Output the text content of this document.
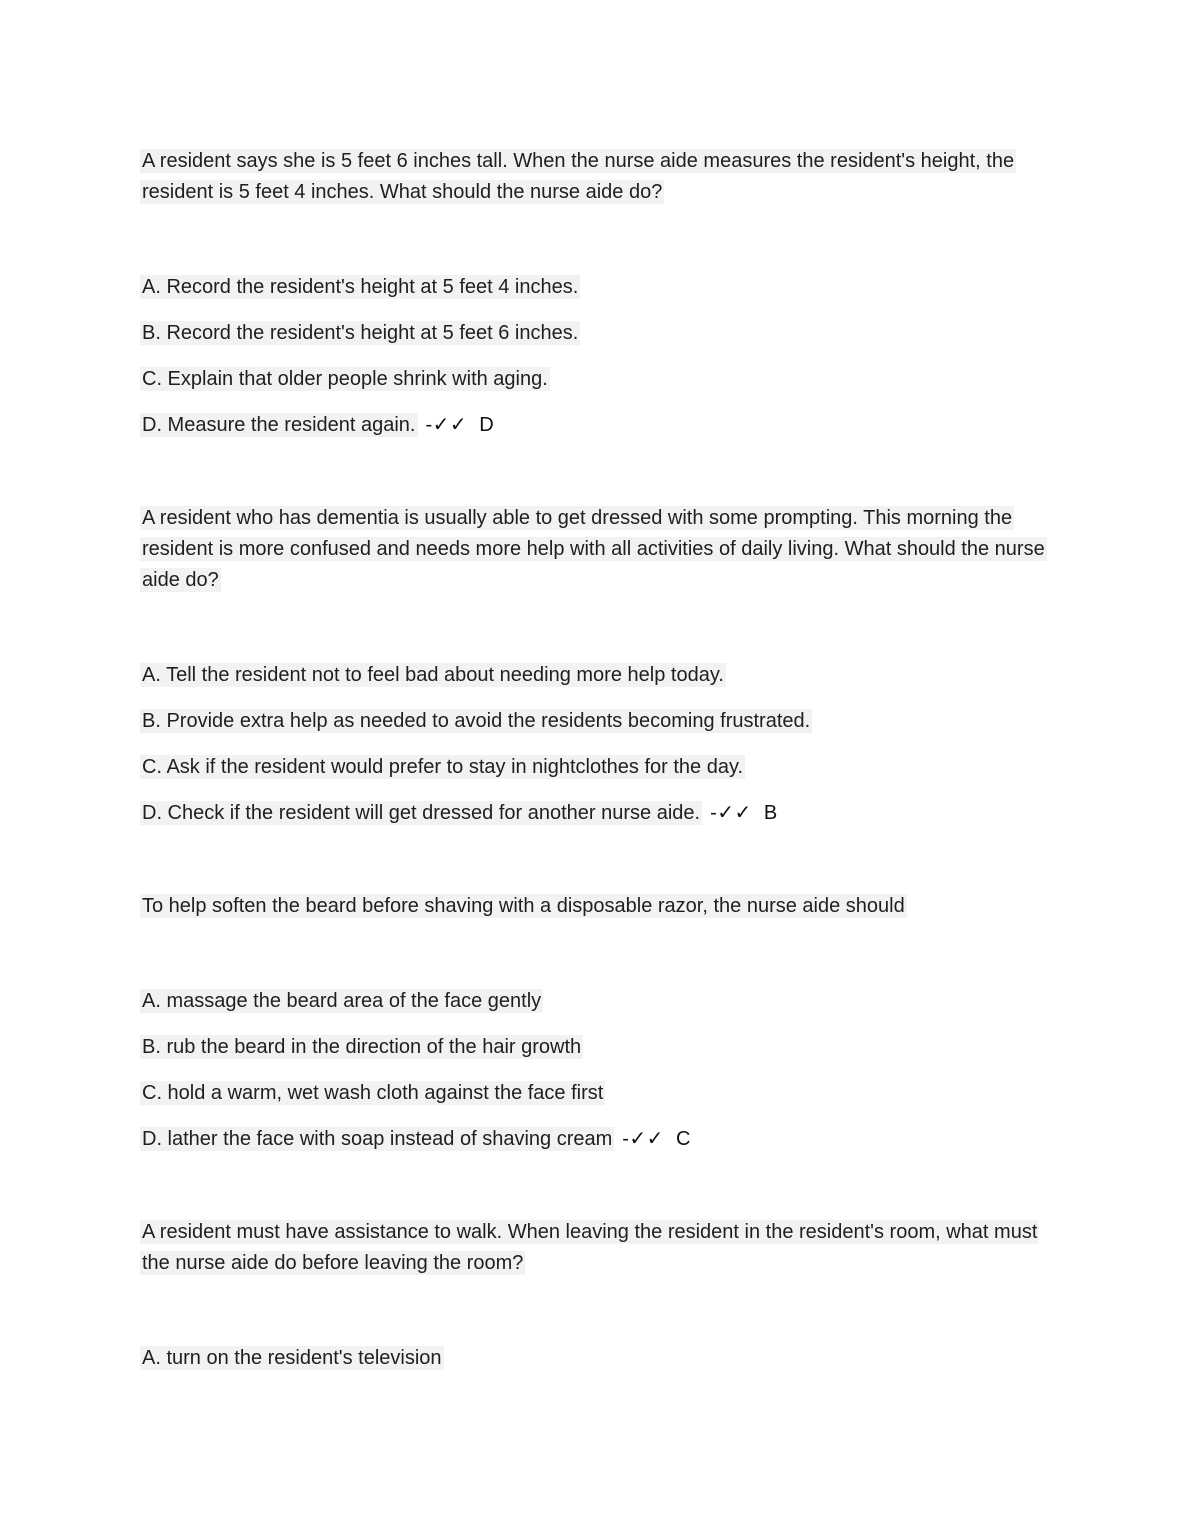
A resident says she is 5 feet 6 inches tall. When the nurse aide measures the resident's height, the resident is 5 feet 4 inches. What should the nurse aide do?

A. Record the resident's height at 5 feet 4 inches.

B. Record the resident's height at 5 feet 6 inches.

C. Explain that older people shrink with aging.

D. Measure the resident again. -✓✓  D

A resident who has dementia is usually able to get dressed with some prompting. This morning the resident is more confused and needs more help with all activities of daily living. What should the nurse aide do?

A. Tell the resident not to feel bad about needing more help today.

B. Provide extra help as needed to avoid the residents becoming frustrated.

C. Ask if the resident would prefer to stay in nightclothes for the day.

D. Check if the resident will get dressed for another nurse aide. -✓✓  B

To help soften the beard before shaving with a disposable razor, the nurse aide should

A. massage the beard area of the face gently

B. rub the beard in the direction of the hair growth

C. hold a warm, wet wash cloth against the face first

D. lather the face with soap instead of shaving cream -✓✓  C

A resident must have assistance to walk. When leaving the resident in the resident's room, what must the nurse aide do before leaving the room?

A. turn on the resident's television
